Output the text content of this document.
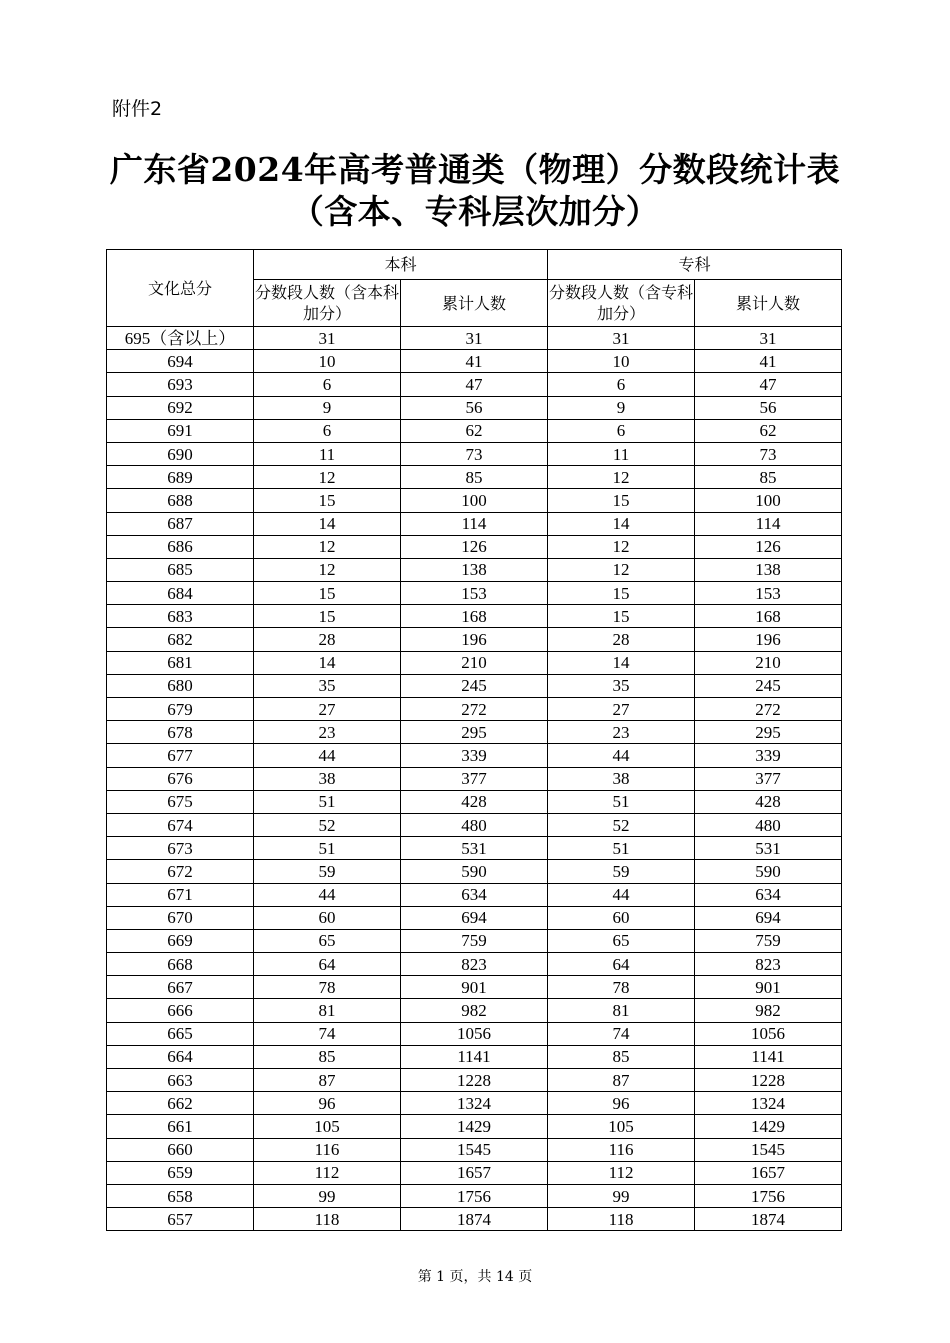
附件2
广东省2024年高考普通类（物理）分数段统计表
（含本、专科层次加分）
文化总分	本科		专科	
	分数段人数（含本科加分）	累计人数	分数段人数（含专科加分）	累计人数
695（含以上）	31	31	31	31
694	10	41	10	41
693	6	47	6	47
692	9	56	9	56
691	6	62	6	62
690	11	73	11	73
689	12	85	12	85
688	15	100	15	100
687	14	114	14	114
686	12	126	12	126
685	12	138	12	138
684	15	153	15	153
683	15	168	15	168
682	28	196	28	196
681	14	210	14	210
680	35	245	35	245
679	27	272	27	272
678	23	295	23	295
677	44	339	44	339
676	38	377	38	377
675	51	428	51	428
674	52	480	52	480
673	51	531	51	531
672	59	590	59	590
671	44	634	44	634
670	60	694	60	694
669	65	759	65	759
668	64	823	64	823
667	78	901	78	901
666	81	982	81	982
665	74	1056	74	1056
664	85	1141	85	1141
663	87	1228	87	1228
662	96	1324	96	1324
661	105	1429	105	1429
660	116	1545	116	1545
659	112	1657	112	1657
658	99	1756	99	1756
657	118	1874	118	1874
第 1 页，共 14 页
